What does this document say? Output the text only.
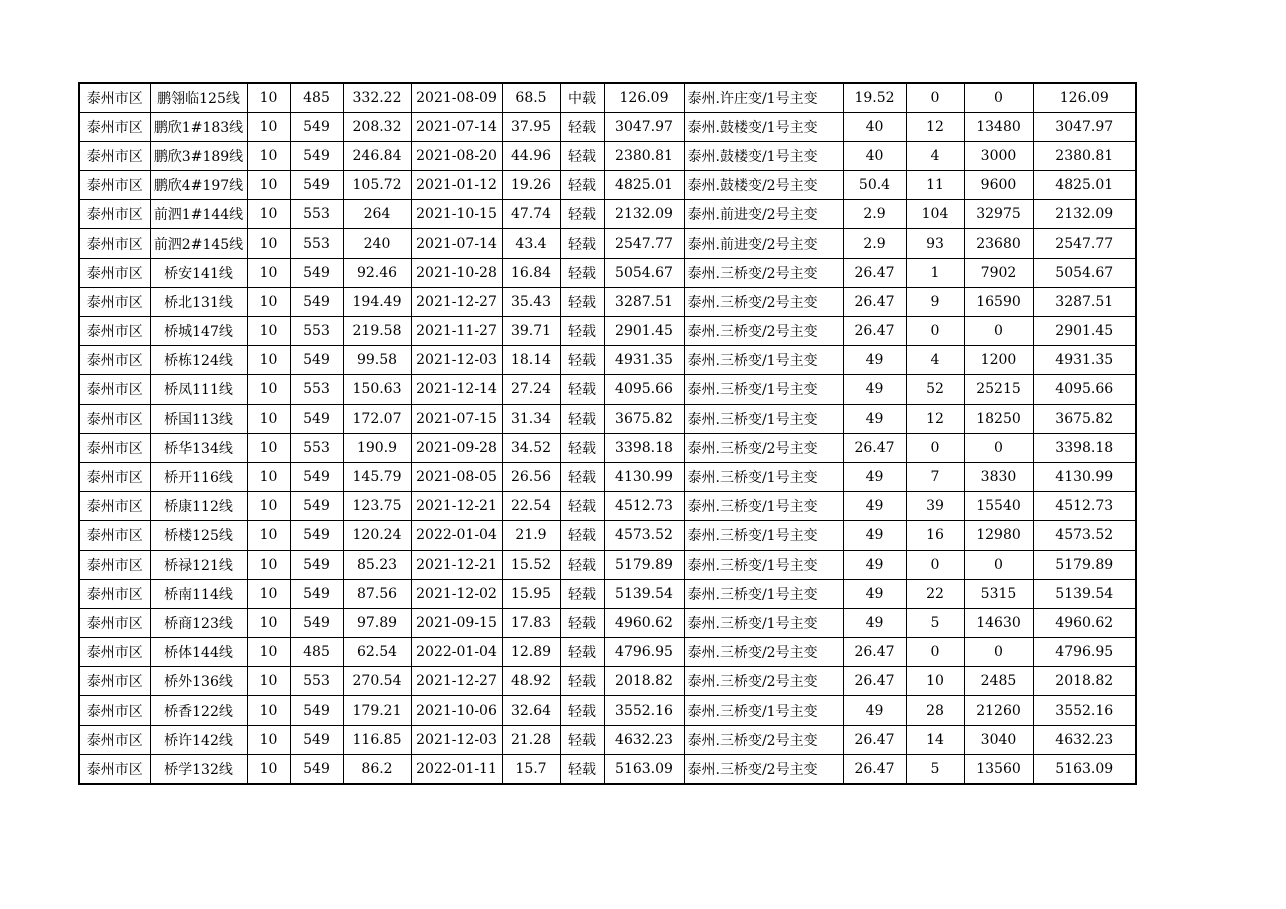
泰州市区	鹏翎临125线	10	485	332.22	2021-08-09	68.5	中载	126.09	泰州.许庄变/1号主变	19.52	0	0	126.09
泰州市区	鹏欣1#183线	10	549	208.32	2021-07-14	37.95	轻载	3047.97	泰州.鼓楼变/1号主变	40	12	13480	3047.97
泰州市区	鹏欣3#189线	10	549	246.84	2021-08-20	44.96	轻载	2380.81	泰州.鼓楼变/1号主变	40	4	3000	2380.81
泰州市区	鹏欣4#197线	10	549	105.72	2021-01-12	19.26	轻载	4825.01	泰州.鼓楼变/2号主变	50.4	11	9600	4825.01
泰州市区	前泗1#144线	10	553	264	2021-10-15	47.74	轻载	2132.09	泰州.前进变/2号主变	2.9	104	32975	2132.09
泰州市区	前泗2#145线	10	553	240	2021-07-14	43.4	轻载	2547.77	泰州.前进变/2号主变	2.9	93	23680	2547.77
泰州市区	桥安141线	10	549	92.46	2021-10-28	16.84	轻载	5054.67	泰州.三桥变/2号主变	26.47	1	7902	5054.67
泰州市区	桥北131线	10	549	194.49	2021-12-27	35.43	轻载	3287.51	泰州.三桥变/2号主变	26.47	9	16590	3287.51
泰州市区	桥城147线	10	553	219.58	2021-11-27	39.71	轻载	2901.45	泰州.三桥变/2号主变	26.47	0	0	2901.45
泰州市区	桥栋124线	10	549	99.58	2021-12-03	18.14	轻载	4931.35	泰州.三桥变/1号主变	49	4	1200	4931.35
泰州市区	桥凤111线	10	553	150.63	2021-12-14	27.24	轻载	4095.66	泰州.三桥变/1号主变	49	52	25215	4095.66
泰州市区	桥国113线	10	549	172.07	2021-07-15	31.34	轻载	3675.82	泰州.三桥变/1号主变	49	12	18250	3675.82
泰州市区	桥华134线	10	553	190.9	2021-09-28	34.52	轻载	3398.18	泰州.三桥变/2号主变	26.47	0	0	3398.18
泰州市区	桥开116线	10	549	145.79	2021-08-05	26.56	轻载	4130.99	泰州.三桥变/1号主变	49	7	3830	4130.99
泰州市区	桥康112线	10	549	123.75	2021-12-21	22.54	轻载	4512.73	泰州.三桥变/1号主变	49	39	15540	4512.73
泰州市区	桥楼125线	10	549	120.24	2022-01-04	21.9	轻载	4573.52	泰州.三桥变/1号主变	49	16	12980	4573.52
泰州市区	桥禄121线	10	549	85.23	2021-12-21	15.52	轻载	5179.89	泰州.三桥变/1号主变	49	0	0	5179.89
泰州市区	桥南114线	10	549	87.56	2021-12-02	15.95	轻载	5139.54	泰州.三桥变/1号主变	49	22	5315	5139.54
泰州市区	桥商123线	10	549	97.89	2021-09-15	17.83	轻载	4960.62	泰州.三桥变/1号主变	49	5	14630	4960.62
泰州市区	桥体144线	10	485	62.54	2022-01-04	12.89	轻载	4796.95	泰州.三桥变/2号主变	26.47	0	0	4796.95
泰州市区	桥外136线	10	553	270.54	2021-12-27	48.92	轻载	2018.82	泰州.三桥变/2号主变	26.47	10	2485	2018.82
泰州市区	桥香122线	10	549	179.21	2021-10-06	32.64	轻载	3552.16	泰州.三桥变/1号主变	49	28	21260	3552.16
泰州市区	桥许142线	10	549	116.85	2021-12-03	21.28	轻载	4632.23	泰州.三桥变/2号主变	26.47	14	3040	4632.23
泰州市区	桥学132线	10	549	86.2	2022-01-11	15.7	轻载	5163.09	泰州.三桥变/2号主变	26.47	5	13560	5163.09
